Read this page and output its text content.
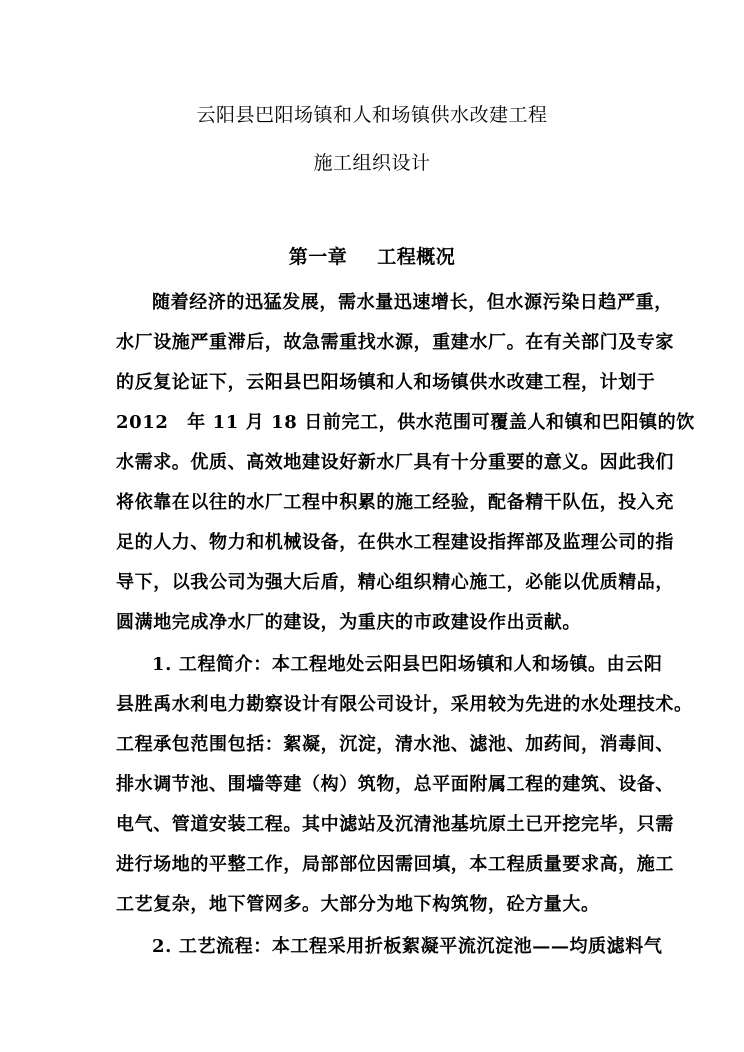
云阳县巴阳场镇和人和场镇供水改建工程
施工组织设计
第一章 工程概况
随着经济的迅猛发展，需水量迅速增长，但水源污染日趋严重，
水厂设施严重滞后，故急需重找水源，重建水厂。在有关部门及专家
的反复论证下，云阳县巴阳场镇和人和场镇供水改建工程，计划于
2012　年 11 月 18 日前完工，供水范围可覆盖人和镇和巴阳镇的饮
水需求。优质、高效地建设好新水厂具有十分重要的意义。因此我们
将依靠在以往的水厂工程中积累的施工经验，配备精干队伍，投入充
足的人力、物力和机械设备，在供水工程建设指挥部及监理公司的指
导下，以我公司为强大后盾，精心组织精心施工，必能以优质精品，
圆满地完成净水厂的建设，为重庆的市政建设作出贡献。
1. 工程简介：本工程地处云阳县巴阳场镇和人和场镇。由云阳
县胜禹水利电力勘察设计有限公司设计，采用较为先进的水处理技术。
工程承包范围包括：絮凝，沉淀，清水池、滤池、加药间，消毒间、
排水调节池、围墙等建（构）筑物，总平面附属工程的建筑、设备、
电气、管道安装工程。其中滤站及沉清池基坑原土已开挖完毕，只需
进行场地的平整工作，局部部位因需回填，本工程质量要求高，施工
工艺复杂，地下管网多。大部分为地下构筑物，砼方量大。
2. 工艺流程：本工程采用折板絮凝平流沉淀池——均质滤料气
